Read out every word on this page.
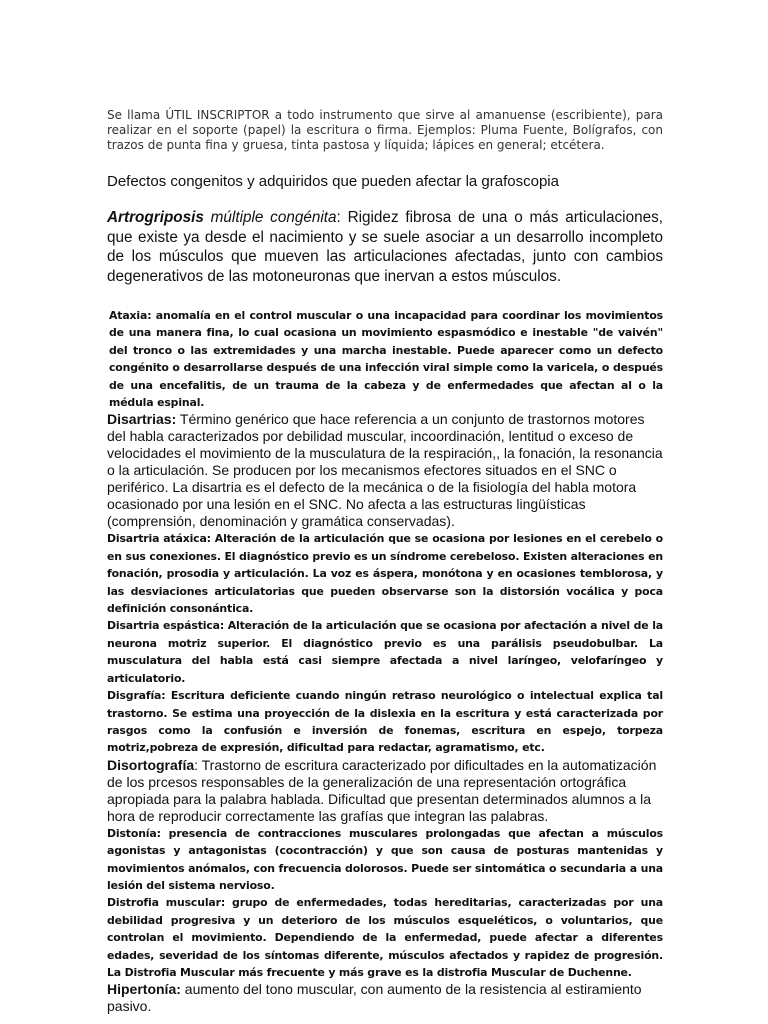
Se llama ÚTIL INSCRIPTOR a todo instrumento que sirve al amanuense (escribiente), para realizar en el soporte (papel) la escritura o firma. Ejemplos: Pluma Fuente, Bolígrafos, con trazos de punta fina y gruesa, tinta pastosa y líquida; lápices en general; etcétera.

Defectos congenitos y adquiridos que pueden afectar la grafoscopia

Artrogriposis múltiple congénita: Rigidez fibrosa de una o más articulaciones, que existe ya desde el nacimiento y se suele asociar a un desarrollo incompleto de los músculos que mueven las articulaciones afectadas, junto con cambios degenerativos de las motoneuronas que inervan a estos músculos.

Ataxia: anomalía en el control muscular o una incapacidad para coordinar los movimientos de una manera fina, lo cual ocasiona un movimiento espasmódico e inestable "de vaivén" del tronco o las extremidades y una marcha inestable. Puede aparecer como un defecto congénito o desarrollarse después de una infección viral simple como la varicela, o después de una encefalitis, de un trauma de la cabeza y de enfermedades que afectan al o la médula espinal.

Disartrias: Término genérico que hace referencia a un conjunto de trastornos motores del habla caracterizados por debilidad muscular, incoordinación, lentitud o exceso de velocidades el movimiento de la musculatura de la respiración,, la fonación, la resonancia o la articulación. Se producen por los mecanismos efectores situados en el SNC o periférico. La disartria es el defecto de la mecánica o de la fisiología del habla motora ocasionado por una lesión en el SNC. No afecta a las estructuras lingüísticas (comprensión, denominación y gramática conservadas).

Disartria atáxica: Alteración de la articulación que se ocasiona por lesiones en el cerebelo o en sus conexiones. El diagnóstico previo es un síndrome cerebeloso. Existen alteraciones en fonación, prosodia y articulación. La voz es áspera, monótona y en ocasiones temblorosa, y las desviaciones articulatorias que pueden observarse son la distorsión vocálica y poca definición consonántica.

Disartria espástica: Alteración de la articulación que se ocasiona por afectación a nivel de la neurona motriz superior. El diagnóstico previo es una parálisis pseudobulbar. La musculatura del habla está casi siempre afectada a nivel laríngeo, velofaríngeo y articulatorio.

Disgrafía: Escritura deficiente cuando ningún retraso neurológico o intelectual explica tal trastorno. Se estima una proyección de la dislexia en la escritura y está caracterizada por rasgos como la confusión e inversión de fonemas, escritura en espejo, torpeza motriz,pobreza de expresión, dificultad para redactar, agramatismo, etc.

Disortografía: Trastorno de escritura caracterizado por dificultades en la automatización de los prcesos responsables de la generalización de una representación ortográfica apropiada para la palabra hablada. Dificultad que presentan determinados alumnos a la hora de reproducir correctamente las grafías que integran las palabras.

Distonía: presencia de contracciones musculares prolongadas que afectan a músculos agonistas y antagonistas (cocontracción) y que son causa de posturas mantenidas y movimientos anómalos, con frecuencia dolorosos. Puede ser sintomática o secundaria a una lesión del sistema nervioso.

Distrofia muscular: grupo de enfermedades, todas hereditarias, caracterizadas por una debilidad progresiva y un deterioro de los músculos esqueléticos, o voluntarios, que controlan el movimiento. Dependiendo de la enfermedad, puede afectar a diferentes edades, severidad de los síntomas diferente, músculos afectados y rapidez de progresión. La Distrofia Muscular más frecuente y más grave es la distrofia Muscular de Duchenne.

Hipertonía: aumento del tono muscular, con aumento de la resistencia al estiramiento pasivo.
